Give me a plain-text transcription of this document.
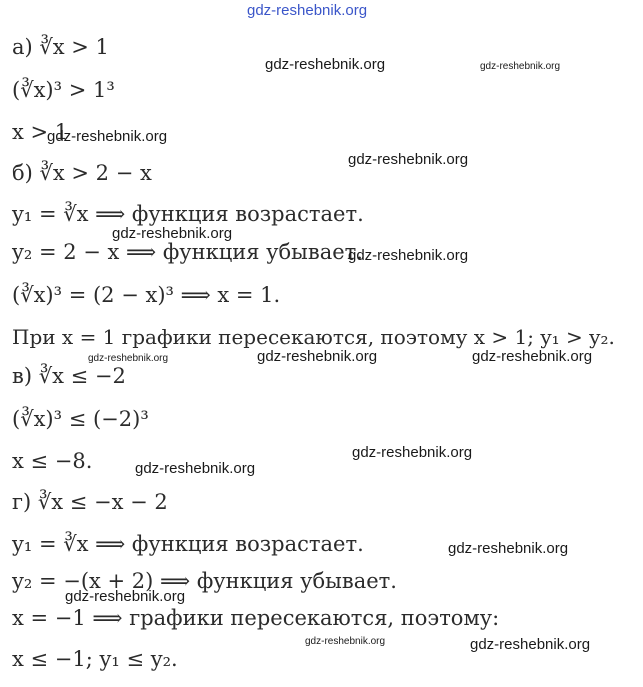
а) ∛x > 1
(∛x)³ > 1³
x > 1
б) ∛x > 2 − x
y₁ = ∛x ⟹ функция возрастает.
y₂ = 2 − x ⟹ функция убывает.
(∛x)³ = (2 − x)³ ⟹ x = 1.
При x = 1 графики пересекаются, поэтому x > 1; y₁ > y₂.
в) ∛x ≤ −2
(∛x)³ ≤ (−2)³
x ≤ −8.
г) ∛x ≤ −x − 2
y₁ = ∛x ⟹ функция возрастает.
y₂ = −(x + 2) ⟹ функция убывает.
x = −1 ⟹ графики пересекаются, поэтому:
x ≤ −1; y₁ ≤ y₂.
gdz-reshebnik.org
gdz-reshebnik.org	gdz-reshebnik.org
gdz-reshebnik.org
gdz-reshebnik.org
gdz-reshebnik.org
gdz-reshebnik.org
gdz-reshebnik.org	gdz-reshebnik.org	gdz-reshebnik.org
gdz-reshebnik.org
gdz-reshebnik.org
gdz-reshebnik.org
gdz-reshebnik.org
gdz-reshebnik.org	gdz-reshebnik.org
